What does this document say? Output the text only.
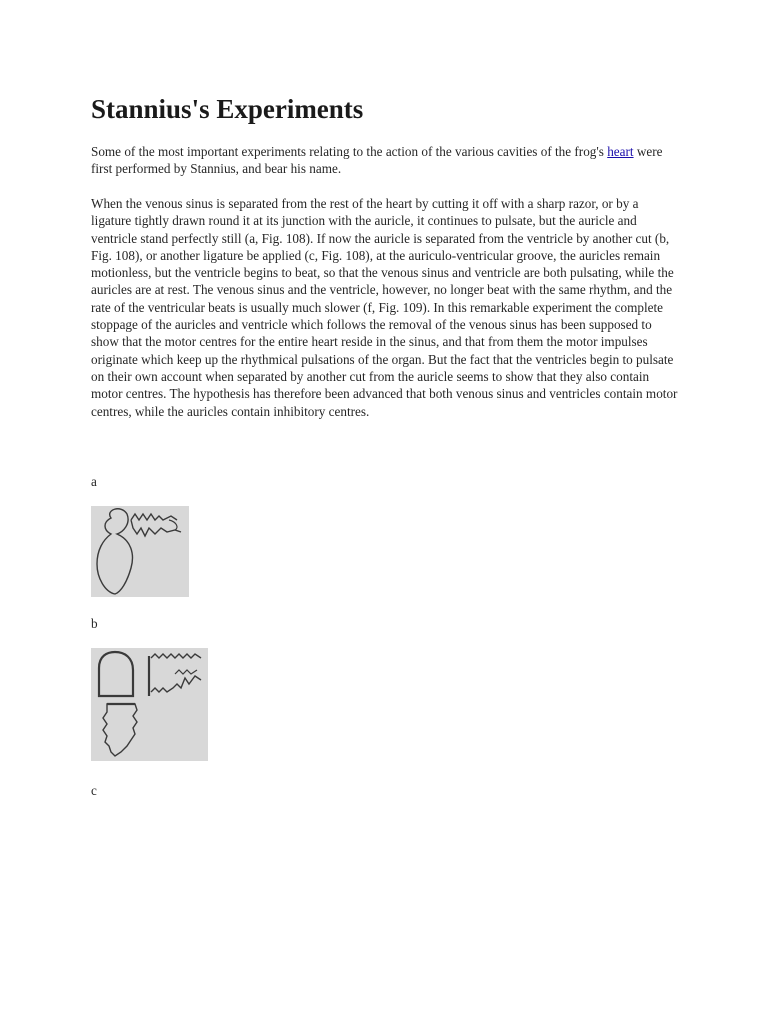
Stannius's Experiments

Some of the most important experiments relating to the action of the various cavities of the frog's heart were first performed by Stannius, and bear his name.

When the venous sinus is separated from the rest of the heart by cutting it off with a sharp razor, or by a ligature tightly drawn round it at its junction with the auricle, it continues to pulsate, but the auricle and ventricle stand perfectly still (a, Fig. 108). If now the auricle is separated from the ventricle by another cut (b, Fig. 108), or another ligature be applied (c, Fig. 108), at the auriculo-ventricular groove, the auricles remain motionless, but the ventricle begins to beat, so that the venous sinus and ventricle are both pulsating, while the auricles are at rest. The venous sinus and the ventricle, however, no longer beat with the same rhythm, and the rate of the ventricular beats is usually much slower (f, Fig. 109). In this remarkable experiment the complete stoppage of the auricles and ventricle which follows the removal of the venous sinus has been supposed to show that the motor centres for the entire heart reside in the sinus, and that from them the motor impulses originate which keep up the rhythmical pulsations of the organ. But the fact that the ventricles begin to pulsate on their own account when separated by another cut from the auricle seems to show that they also contain motor centres. The hypothesis has therefore been advanced that both venous sinus and ventricles contain motor centres, while the auricles contain inhibitory centres.

a
b
c
